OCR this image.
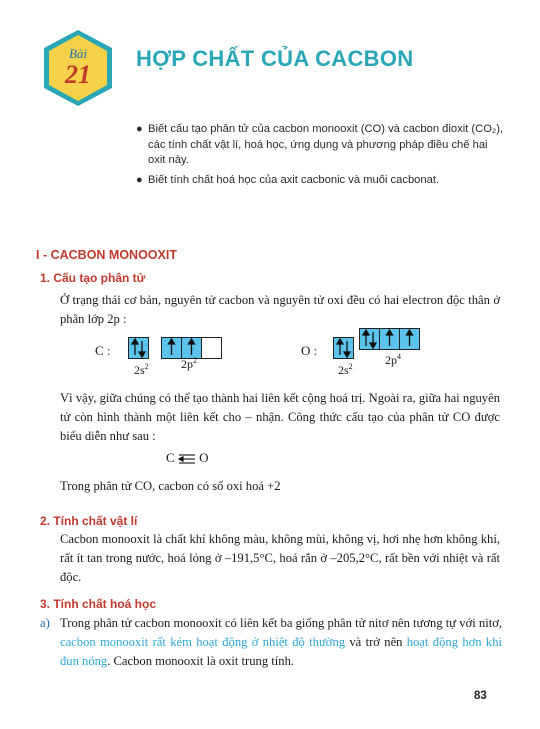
Bài
21
HỢP CHẤT CỦA CACBON
● Biết cấu tạo phân tử của cacbon monooxit (CO) và cacbon đioxit (CO₂), các tính chất vật lí, hoá học, ứng dụng và phương pháp điều chế hai oxit này.
● Biết tính chất hoá học của axit cacbonic và muối cacbonat.
I - CACBON MONOOXIT
1. Cấu tạo phân tử
Ở trạng thái cơ bản, nguyên tử cacbon và nguyên tử oxi đều có hai electron độc thân ở phân lớp 2p :
C :
$2s^2$	$2p^2$
O :
$2s^2$	$2p^4$
Vì vậy, giữa chúng có thể tạo thành hai liên kết cộng hoá trị. Ngoài ra, giữa hai nguyên tử còn hình thành một liên kết cho – nhận. Công thức cấu tạo của phân tử CO được biểu diễn như sau :
C O
Trong phân tử CO, cacbon có số oxi hoá +2
2. Tính chất vật lí
Cacbon monooxit là chất khí không màu, không mùi, không vị, hơi nhẹ hơn không khí, rất ít tan trong nước, hoá lỏng ở –191,5°C, hoá rắn ở –205,2°C, rất bền với nhiệt và rất độc.
3. Tính chất hoá học
a) Trong phân tử cacbon monooxit có liên kết ba giống phân tử nitơ nên tương tự với nitơ, cacbon monooxit rất kém hoạt động ở nhiệt độ thường và trở nên hoạt động hơn khi đun nóng. Cacbon monooxit là oxit trung tính.
83
